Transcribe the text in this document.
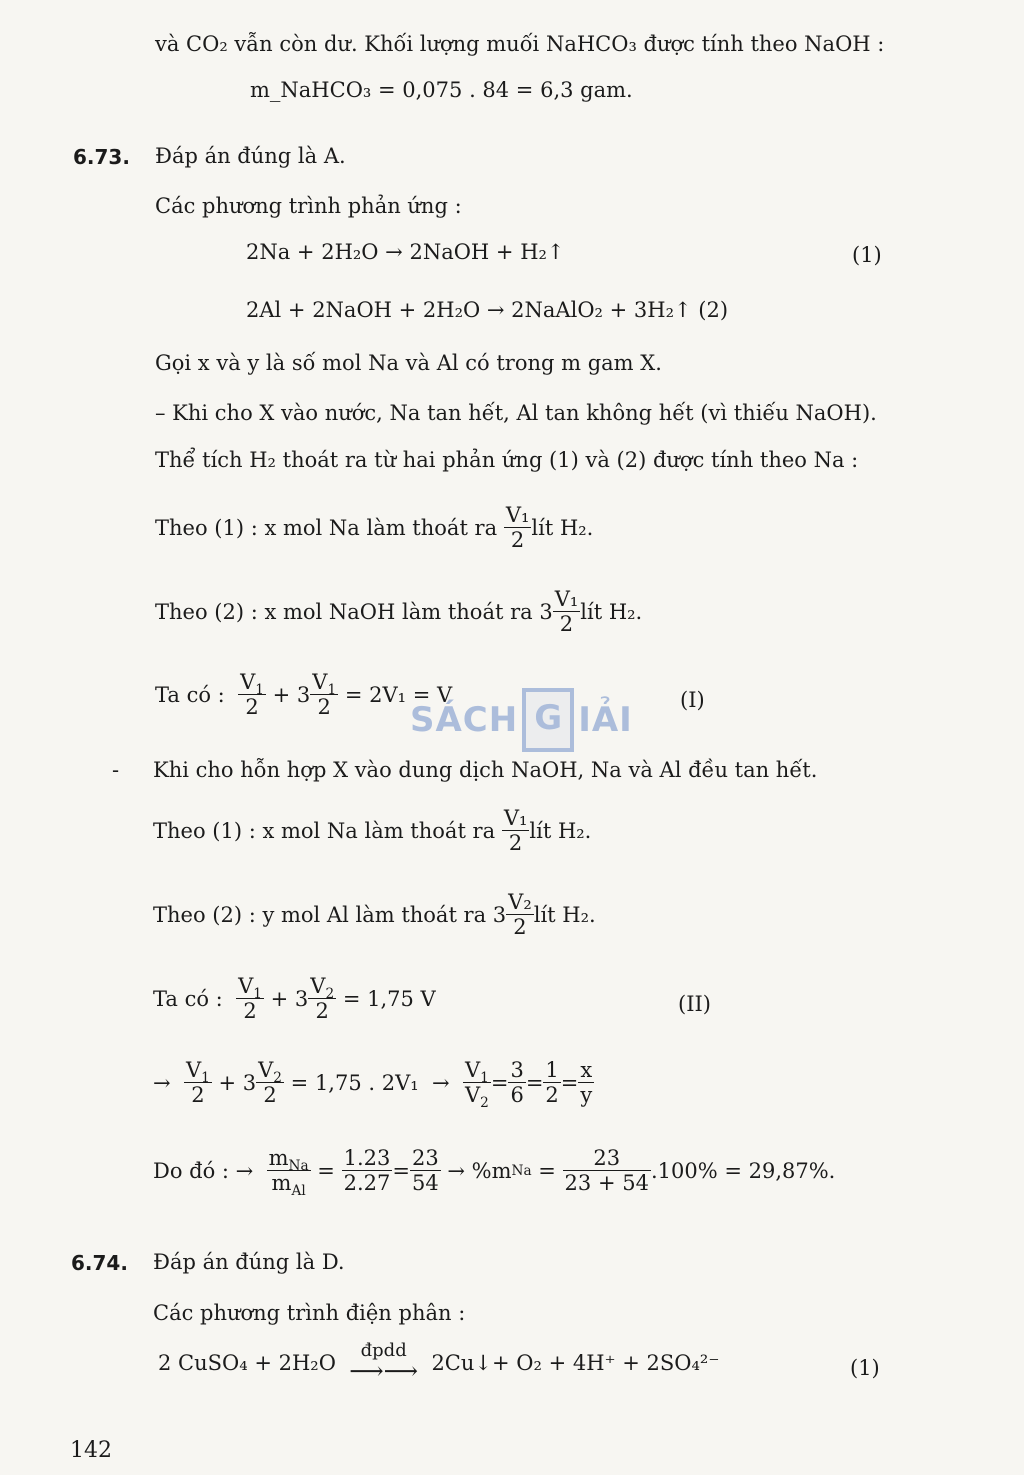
và CO₂ vẫn còn dư. Khối lượng muối NaHCO₃ được tính theo NaOH :
m_NaHCO₃ = 0,075 . 84 = 6,3 gam.
6.73. Đáp án đúng là A.
Các phương trình phản ứng :
2Na + 2H₂O → 2NaOH + H₂↑	(1)
2Al + 2NaOH + 2H₂O → 2NaAlO₂ + 3H₂↑ (2)
Gọi x và y là số mol Na và Al có trong m gam X.
– Khi cho X vào nước, Na tan hết, Al tan không hết (vì thiếu NaOH).
Thể tích H₂ thoát ra từ hai phản ứng (1) và (2) được tính theo Na :
Theo (1) : x mol Na làm thoát ra
$\frac{\text{V₁}}{2}$ lít H₂.
Theo (2) : x mol NaOH làm thoát ra $3 \frac{\text{V₁}}{2}$ lít H₂.
Ta có :
$\frac{V_1}{2} + 3 \frac{V_1}{2}$
= 2V₁ = V	(I)
- Khi cho hỗn hợp X vào dung dịch NaOH, Na và Al đều tan hết.
Theo (1) : x mol Na làm thoát ra
$\frac{\text{V₁}}{2}$ lít H₂.
Theo (2) : y mol Al làm thoát ra $3 \frac{\text{V₂}}{2}$ lít H₂.
Ta có :
$\frac{V_1}{2} + 3 \frac{V_2}{2}$
= 1,75 V	(II)
→ $\frac{V_1}{2} + 3 \frac{V_2}{2}$
= 1,75 . $2V_1 \to \frac{V_1}{V_2} = \frac{3}{6} = \frac{1}{2} = \frac{x}{y}$
Do đó : → $\frac{m_{Na}}{m_{Al}} = \frac{1.23}{2.27} = \frac{23}{54} \to \%m$ $Na = \frac{23}{23 + 54} .100\% = 29,87\%$.
6.74. Đáp án đúng là D.
Các phương trình điện phân :
2 CuSO₄ + 2H₂O
	đpdd
⟶⟶
2Cu↓+ O₂ + 4H⁺ + 2SO₄²⁻	(1)
SÁCH G IẢI
142
